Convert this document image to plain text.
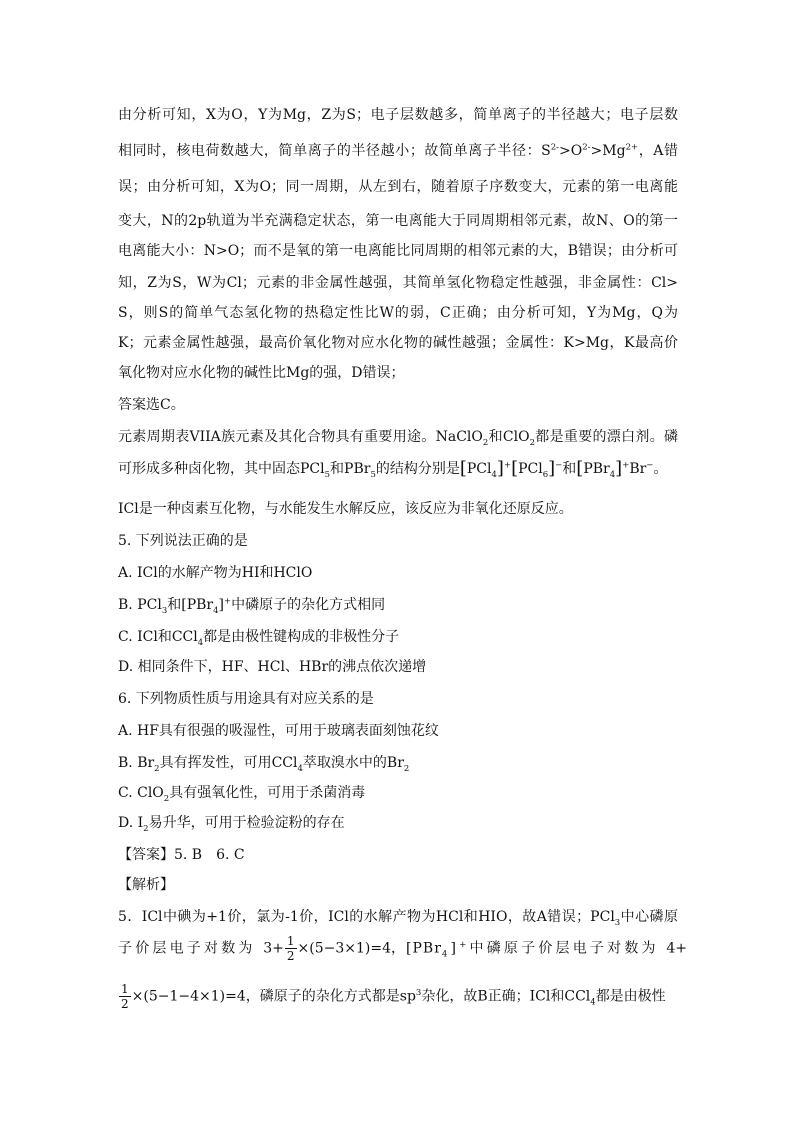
由分析可知，X为O，Y为Mg，Z为S；电子层数越多，简单离子的半径越大；电子层数
相同时，核电荷数越大，简单离子的半径越小；故简单离子半径：$S^{2-}>O^{2-}>Mg^{2+}$，A错
误；由分析可知，X为O；同一周期，从左到右，随着原子序数变大，元素的第一电离能
变大，N的2p轨道为半充满稳定状态，第一电离能大于同周期相邻元素，故N、O的第一
电离能大小：N>O；而不是氧的第一电离能比同周期的相邻元素的大，B错误；由分析可
知，Z为S，W为Cl；元素的非金属性越强，其简单氢化物稳定性越强，非金属性：Cl>
S，则S的简单气态氢化物的热稳定性比W的弱，C正确；由分析可知，Y为Mg，Q为
K；元素金属性越强，最高价氧化物对应水化物的碱性越强；金属性：K>Mg，K最高价
氧化物对应水化物的碱性比Mg的强，D错误；
答案选C。
元素周期表VIIA族元素及其化合物具有重要用途。NaClO$_2$和ClO$_2$都是重要的漂白剂。磷
可形成多种卤化物，其中固态PCl$_5$和PBr$_5$的结构分别是[PCl$_4$]+[PCl$_6$]−和[PBr$_4$]+Br−。
ICl是一种卤素互化物，与水能发生水解反应，该反应为非氧化还原反应。
5. 下列说法正确的是
A. ICl的水解产物为HI和HClO
B. PCl$_3$和[PBr$_4$]+中磷原子的杂化方式相同
C. ICl和CCl$_4$都是由极性键构成的非极性分子
D. 相同条件下，HF、HCl、HBr的沸点依次递增
6. 下列物质性质与用途具有对应关系的是
A. HF具有很强的吸湿性，可用于玻璃表面刻蚀花纹
B. $Br_2$具有挥发性，可用CCl$_4$萃取溴水中的$Br_2$
C. ClO$_2$具有强氧化性，可用于杀菌消毒
D. $I_2$易升华，可用于检验淀粉的存在
【答案】5. B　6. C
【解析】
5．ICl中碘为+1价，氯为-1价，ICl的水解产物为HCl和HIO，故A错误；PCl$_3$中心磷原
子价层电子对数为 $3+ \frac{1}{2} \times(5-3\times 1)=4$，[PBr$_4$]+中磷原子价层电子对数为 4+
$\frac{1}{2} \times(5-1-4\times 1)=4$，磷原子的杂化方式都是$sp^3$杂化，故B正确；ICl和CCl$_4$都是由极性
